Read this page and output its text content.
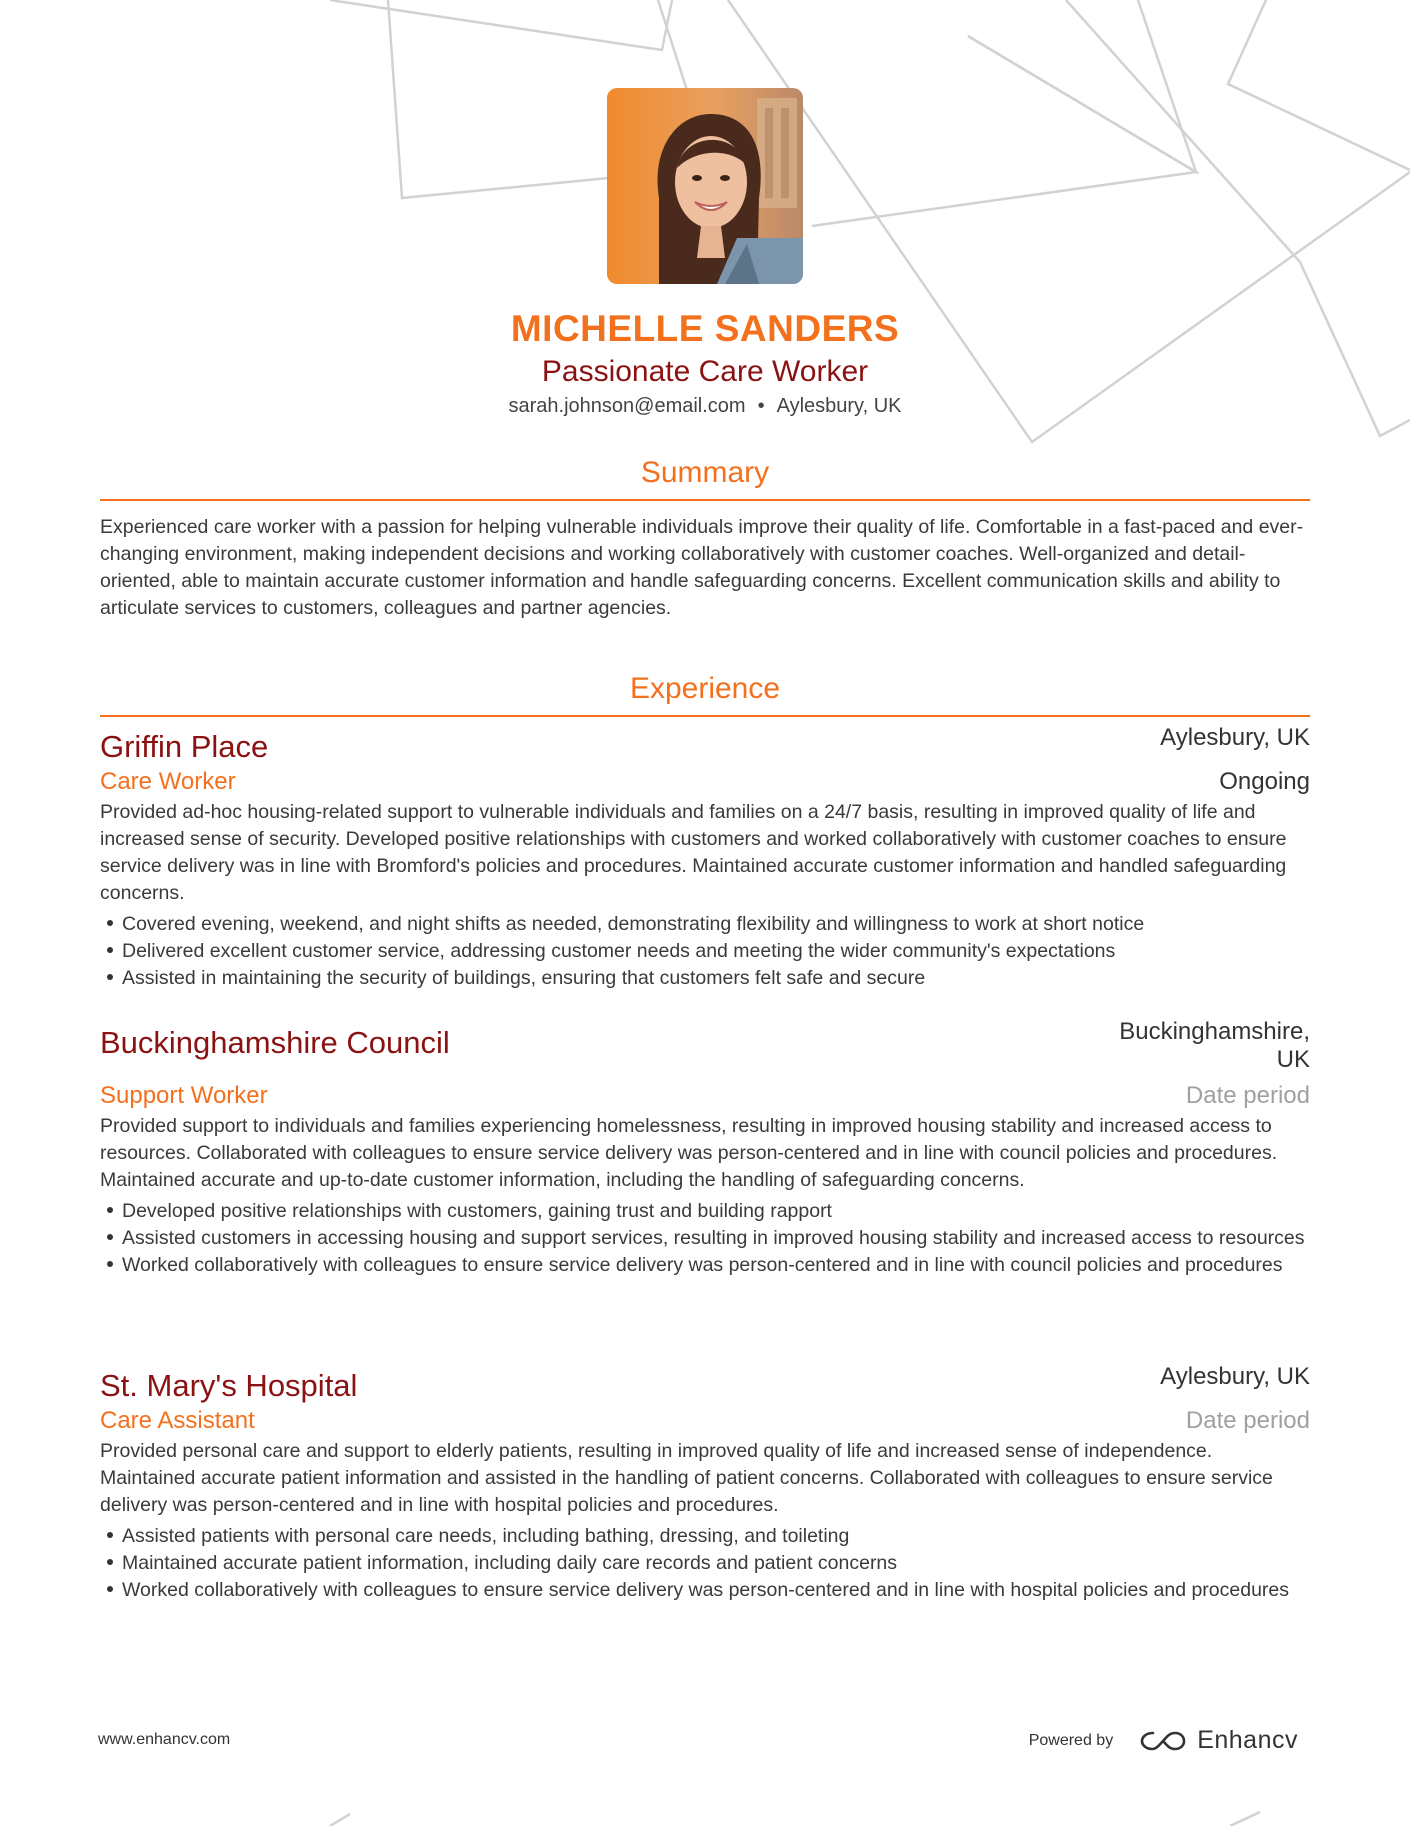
MICHELLE SANDERS
Passionate Care Worker
sarah.johnson@email.com • Aylesbury, UK
Summary
Experienced care worker with a passion for helping vulnerable individuals improve their quality of life. Comfortable in a fast-paced and ever-changing environment, making independent decisions and working collaboratively with customer coaches. Well-organized and detail-oriented, able to maintain accurate customer information and handle safeguarding concerns. Excellent communication skills and ability to articulate services to customers, colleagues and partner agencies.
Experience
Griffin Place	Aylesbury, UK
Care Worker	Ongoing
Provided ad-hoc housing-related support to vulnerable individuals and families on a 24/7 basis, resulting in improved quality of life and increased sense of security. Developed positive relationships with customers and worked collaboratively with customer coaches to ensure service delivery was in line with Bromford's policies and procedures. Maintained accurate customer information and handled safeguarding concerns.
Covered evening, weekend, and night shifts as needed, demonstrating flexibility and willingness to work at short notice
Delivered excellent customer service, addressing customer needs and meeting the wider community's expectations
Assisted in maintaining the security of buildings, ensuring that customers felt safe and secure
Buckinghamshire Council	Buckinghamshire, UK
Support Worker	Date period
Provided support to individuals and families experiencing homelessness, resulting in improved housing stability and increased access to resources. Collaborated with colleagues to ensure service delivery was person-centered and in line with council policies and procedures. Maintained accurate and up-to-date customer information, including the handling of safeguarding concerns.
Developed positive relationships with customers, gaining trust and building rapport
Assisted customers in accessing housing and support services, resulting in improved housing stability and increased access to resources
Worked collaboratively with colleagues to ensure service delivery was person-centered and in line with council policies and procedures
St. Mary's Hospital	Aylesbury, UK
Care Assistant	Date period
Provided personal care and support to elderly patients, resulting in improved quality of life and increased sense of independence. Maintained accurate patient information and assisted in the handling of patient concerns. Collaborated with colleagues to ensure service delivery was person-centered and in line with hospital policies and procedures.
Assisted patients with personal care needs, including bathing, dressing, and toileting
Maintained accurate patient information, including daily care records and patient concerns
Worked collaboratively with colleagues to ensure service delivery was person-centered and in line with hospital policies and procedures
www.enhancv.com	Powered by	Enhancv
